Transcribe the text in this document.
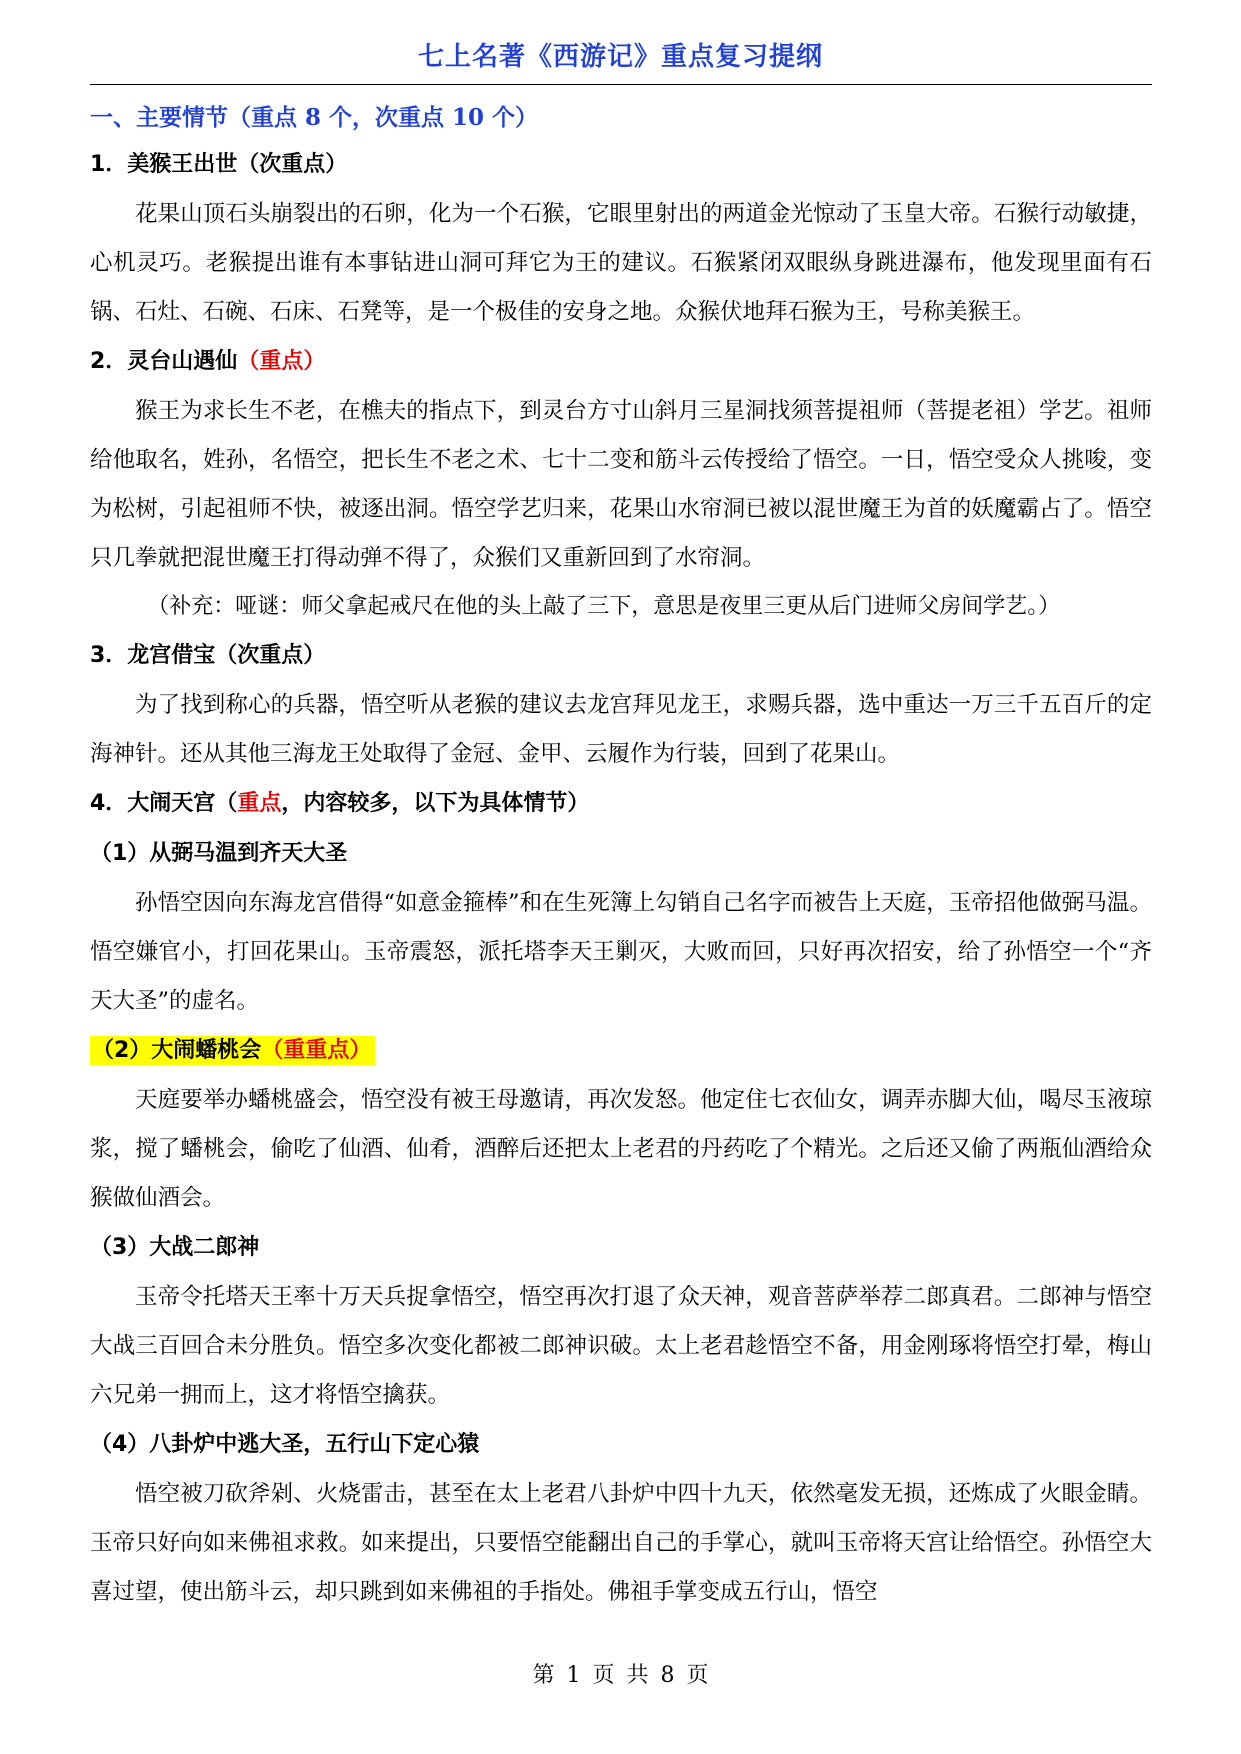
七上名著《西游记》重点复习提纲
一、主要情节（重点 8 个，次重点 10 个）
1．美猴王出世（次重点）

花果山顶石头崩裂出的石卵，化为一个石猴，它眼里射出的两道金光惊动了玉皇大帝。石猴行动敏捷，心机灵巧。老猴提出谁有本事钻进山洞可拜它为王的建议。石猴紧闭双眼纵身跳进瀑布，他发现里面有石锅、石灶、石碗、石床、石凳等，是一个极佳的安身之地。众猴伏地拜石猴为王，号称美猴王。

2．灵台山遇仙（重点）

猴王为求长生不老，在樵夫的指点下，到灵台方寸山斜月三星洞找须菩提祖师（菩提老祖）学艺。祖师给他取名，姓孙，名悟空，把长生不老之术、七十二变和筋斗云传授给了悟空。一日，悟空受众人挑唆，变为松树，引起祖师不快，被逐出洞。悟空学艺归来，花果山水帘洞已被以混世魔王为首的妖魔霸占了。悟空只几拳就把混世魔王打得动弹不得了，众猴们又重新回到了水帘洞。

（补充：哑谜：师父拿起戒尺在他的头上敲了三下，意思是夜里三更从后门进师父房间学艺。）

3．龙宫借宝（次重点）

为了找到称心的兵器，悟空听从老猴的建议去龙宫拜见龙王，求赐兵器，选中重达一万三千五百斤的定海神针。还从其他三海龙王处取得了金冠、金甲、云履作为行装，回到了花果山。

4．大闹天宫（重点，内容较多，以下为具体情节）
（1）从弼马温到齐天大圣

孙悟空因向东海龙宫借得“如意金箍棒”和在生死簿上勾销自己名字而被告上天庭，玉帝招他做弼马温。悟空嫌官小，打回花果山。玉帝震怒，派托塔李天王剿灭，大败而回，只好再次招安，给了孙悟空一个“齐天大圣”的虚名。

（2）大闹蟠桃会（重重点）

天庭要举办蟠桃盛会，悟空没有被王母邀请，再次发怒。他定住七衣仙女，调弄赤脚大仙，喝尽玉液琼浆，搅了蟠桃会，偷吃了仙酒、仙肴，酒醉后还把太上老君的丹药吃了个精光。之后还又偷了两瓶仙酒给众猴做仙酒会。

（3）大战二郎神

玉帝令托塔天王率十万天兵捉拿悟空，悟空再次打退了众天神，观音菩萨举荐二郎真君。二郎神与悟空大战三百回合未分胜负。悟空多次变化都被二郎神识破。太上老君趁悟空不备，用金刚琢将悟空打晕，梅山六兄弟一拥而上，这才将悟空擒获。

（4）八卦炉中逃大圣，五行山下定心猿

悟空被刀砍斧剁、火烧雷击，甚至在太上老君八卦炉中四十九天，依然毫发无损，还炼成了火眼金睛。玉帝只好向如来佛祖求救。如来提出，只要悟空能翻出自己的手掌心，就叫玉帝将天宫让给悟空。孙悟空大喜过望，使出筋斗云，却只跳到如来佛祖的手指处。佛祖手掌变成五行山，悟空

第 1 页 共 8 页
